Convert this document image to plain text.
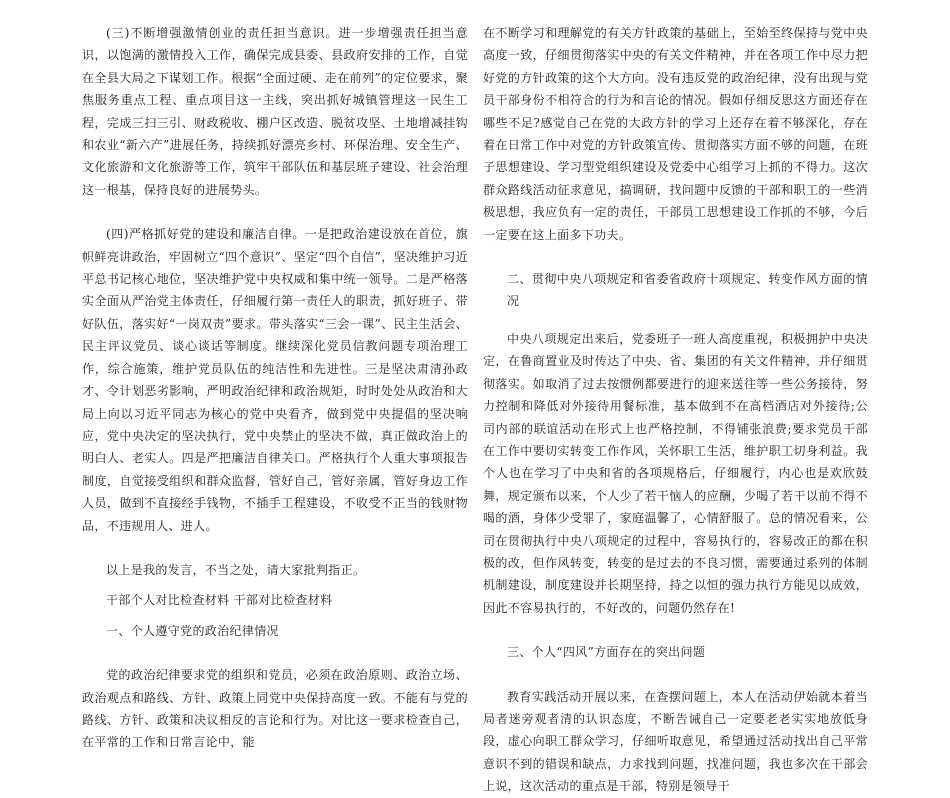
(三)不断增强激情创业的责任担当意识。进一步增强责任担当意识，以饱满的激情投入工作，确保完成县委、县政府安排的工作，自觉在全县大局之下谋划工作。根据“全面过硬、走在前列”的定位要求，聚焦服务重点工程、重点项目这一主线，突出抓好城镇管理这一民生工程，完成三扫三引、财政税收、棚户区改造、脱贫攻坚、土地增减挂钩和农业“新六产”进展任务，持续抓好漂亮乡村、环保治理、安全生产、文化旅游和文化旅游等工作，筑牢干部队伍和基层班子建设、社会治理这一根基，保持良好的进展势头。

(四)严格抓好党的建设和廉洁自律。一是把政治建设放在首位，旗帜鲜亮讲政治，牢固树立“四个意识”、坚定“四个自信”，坚决维护习近平总书记核心地位，坚决维护党中央权威和集中统一领导。二是严格落实全面从严治党主体责任，仔细履行第一责任人的职责，抓好班子、带好队伍，落实好“一岗双责”要求。带头落实“三会一课”、民主生活会、民主评议党员、谈心谈话等制度。继续深化党员信教问题专项治理工作，综合施策，维护党员队伍的纯洁性和先进性。三是坚决肃清孙政才、令计划恶劣影响，严明政治纪律和政治规矩，时时处处从政治和大局上向以习近平同志为核心的党中央看齐，做到党中央提倡的坚决响应，党中央决定的坚决执行，党中央禁止的坚决不做，真正做政治上的明白人、老实人。四是严把廉洁自律关口。严格执行个人重大事项报告制度，自觉接受组织和群众监督，管好自己，管好亲属，管好身边工作人员，做到不直接经手钱物，不插手工程建设，不收受不正当的钱财物品，不违规用人、进人。

以上是我的发言，不当之处，请大家批判指正。

干部个人对比检查材料 干部对比检查材料

一、个人遵守党的政治纪律情况

党的政治纪律要求党的组织和党员，必须在政治原则、政治立场、政治观点和路线、方针、政策上同党中央保持高度一致。不能有与党的路线、方针、政策和决议相反的言论和行为。对比这一要求检查自己，在平常的工作和日常言论中，能

在不断学习和理解党的有关方针政策的基础上，至始至终保持与党中央高度一致，仔细贯彻落实中央的有关文件精神，并在各项工作中尽力把好党的方针政策的这个大方向。没有违反党的政治纪律，没有出现与党员干部身份不相符合的行为和言论的情况。假如仔细反思这方面还存在哪些不足?感觉自己在党的大政方针的学习上还存在着不够深化，存在着在日常工作中对党的方针政策宣传、贯彻落实方面不够的问题，在班子思想建设、学习型党组织建设及党委中心组学习上抓的不得力。这次群众路线活动征求意见，搞调研，找问题中反馈的干部和职工的一些消极思想，我应负有一定的责任，干部员工思想建设工作抓的不够，今后一定要在这上面多下功夫。

二、贯彻中央八项规定和省委省政府十项规定、转变作风方面的情况

中央八项规定出来后，党委班子一班人高度重视，积极拥护中央决定，在鲁商置业及时传达了中央、省、集团的有关文件精神，并仔细贯彻落实。如取消了过去按惯例都要进行的迎来送往等一些公务接待，努力控制和降低对外接待用餐标准，基本做到不在高档酒店对外接待;公司内部的联谊活动在形式上也严格控制，不得铺张浪费;要求党员干部在工作中要切实转变工作作风，关怀职工生活，维护职工切身利益。我个人也在学习了中央和省的各项规格后，仔细履行，内心也是欢欣鼓舞，规定颁布以来，个人少了若干恼人的应酬，少喝了若干以前不得不喝的酒，身体少受罪了，家庭温馨了，心情舒服了。总的情况看来，公司在贯彻执行中央八项规定的过程中，容易执行的，容易改正的都在积极的改，但作风转变，转变的是过去的不良习惯，需要通过系列的体制机制建设，制度建设并长期坚持，持之以恒的强力执行方能见以成效，因此不容易执行的，不好改的，问题仍然存在!

三、个人“四风”方面存在的突出问题

教育实践活动开展以来，在查摆问题上，本人在活动伊始就本着当局者迷旁观者清的认识态度，不断告诫自己一定要老老实实地放低身段，虚心向职工群众学习，仔细听取意见，希望通过活动找出自己平常意识不到的错误和缺点，力求找到问题，找准问题，我也多次在干部会上说，这次活动的重点是干部，特别是领导干
